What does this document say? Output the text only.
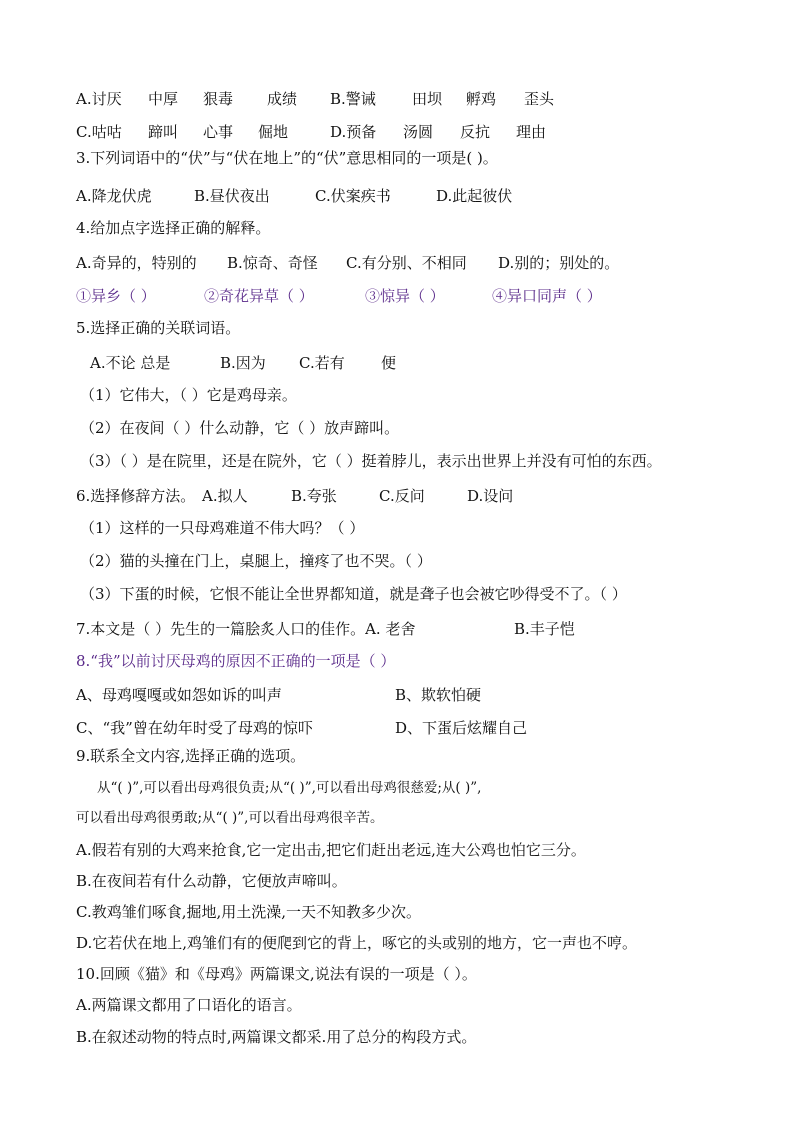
A.讨厌 中厚 狠毒 成绩 B.警诫 田坝 孵鸡 歪头
C.咕咕 蹄叫 心事 倔地	D.预备 汤圆 反抗 理由
3.下列词语中的“伏”与“伏在地上”的“伏”意思相同的一项是( )。
A.降龙伏虎	B.昼伏夜出	C.伏案疾书	D.此起彼伏
4.给加点字选择正确的解释。
A.奇异的，特别的 B.惊奇、奇怪 C.有分别、不相同 D.别的；别处的。
①异乡（ ）	②奇花异草（ ）	③惊异（ ）	④异口同声（ ）
5.选择正确的关联词语。
A.不论 总是	B.因为 C.若有 便
（1）它伟大，（ ）它是鸡母亲。
（2）在夜间（ ）什么动静，它（ ）放声蹄叫。
（3）（ ）是在院里，还是在院外，它（ ）挺着脖儿，表示出世界上并没有可怕的东西。
6.选择修辞方法。 A.拟人	B.夸张	C.反问	D.设问
（1）这样的一只母鸡难道不伟大吗？（ ）
（2）猫的头撞在门上，桌腿上，撞疼了也不哭。（ ）
（3）下蛋的时候，它恨不能让全世界都知道，就是聋子也会被它吵得受不了。（ ）
7.本文是（ ）先生的一篇脍炙人口的佳作。A. 老舍	B.丰子恺
8.“我”以前讨厌母鸡的原因不正确的一项是（ ）
A、母鸡嘎嘎或如怨如诉的叫声	B、欺软怕硬
C、“我”曾在幼年时受了母鸡的惊吓	D、下蛋后炫耀自己
9.联系全文内容,选择正确的选项。
从“( )”,可以看出母鸡很负责;从“( )”,可以看出母鸡很慈爱;从( )”,
可以看出母鸡很勇敢;从“( )”,可以看出母鸡很辛苦。
A.假若有别的大鸡来抢食,它一定出击,把它们赶出老远,连大公鸡也怕它三分。
B.在夜间若有什么动静，它便放声啼叫。
C.教鸡雏们啄食,掘地,用土洗澡,一天不知教多少次。
D.它若伏在地上,鸡雏们有的便爬到它的背上，啄它的头或别的地方，它一声也不哼。
10.回顾《猫》和《母鸡》两篇课文,说法有误的一项是（ ）。
A.两篇课文都用了口语化的语言。
B.在叙述动物的特点时,两篇课文都采.用了总分的构段方式。
